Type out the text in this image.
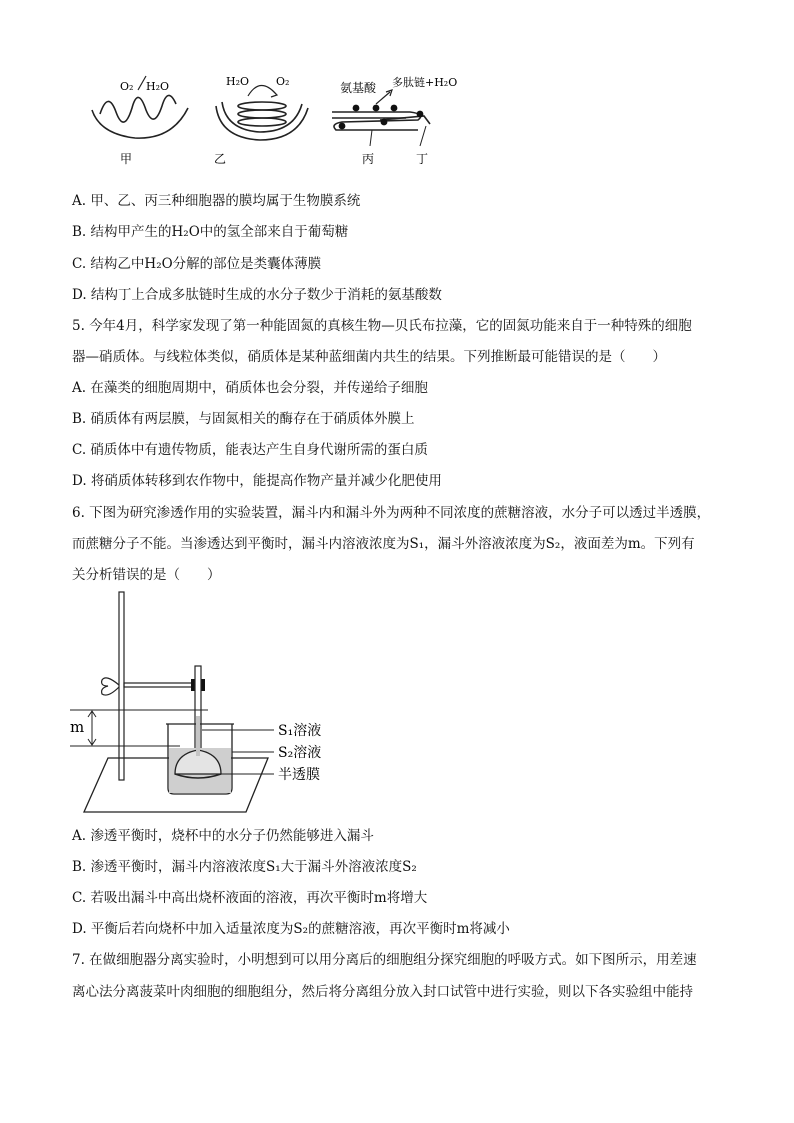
O₂ H₂O
甲
H₂O O₂
乙
氨基酸 多肽链+H₂O
丙	丁
A. 甲、乙、丙三种细胞器的膜均属于生物膜系统
B. 结构甲产生的H₂O中的氢全部来自于葡萄糖
C. 结构乙中H₂O分解的部位是类囊体薄膜
D. 结构丁上合成多肽链时生成的水分子数少于消耗的氨基酸数
5. 今年4月，科学家发现了第一种能固氮的真核生物—贝氏布拉藻，它的固氮功能来自于一种特殊的细胞
器—硝质体。与线粒体类似，硝质体是某种蓝细菌内共生的结果。下列推断最可能错误的是（　　）
A. 在藻类的细胞周期中，硝质体也会分裂，并传递给子细胞
B. 硝质体有两层膜，与固氮相关的酶存在于硝质体外膜上
C. 硝质体中有遗传物质，能表达产生自身代谢所需的蛋白质
D. 将硝质体转移到农作物中，能提高作物产量并减少化肥使用
6. 下图为研究渗透作用的实验装置，漏斗内和漏斗外为两种不同浓度的蔗糖溶液，水分子可以透过半透膜，
而蔗糖分子不能。当渗透达到平衡时，漏斗内溶液浓度为S₁，漏斗外溶液浓度为S₂，液面差为m。下列有
关分析错误的是（　　）
m	S₁溶液
S₂溶液
半透膜
A. 渗透平衡时，烧杯中的水分子仍然能够进入漏斗
B. 渗透平衡时，漏斗内溶液浓度S₁大于漏斗外溶液浓度S₂
C. 若吸出漏斗中高出烧杯液面的溶液，再次平衡时m将增大
D. 平衡后若向烧杯中加入适量浓度为S₂的蔗糖溶液，再次平衡时m将减小
7. 在做细胞器分离实验时，小明想到可以用分离后的细胞组分探究细胞的呼吸方式。如下图所示，用差速
离心法分离菠菜叶肉细胞的细胞组分，然后将分离组分放入封口试管中进行实验，则以下各实验组中能持
